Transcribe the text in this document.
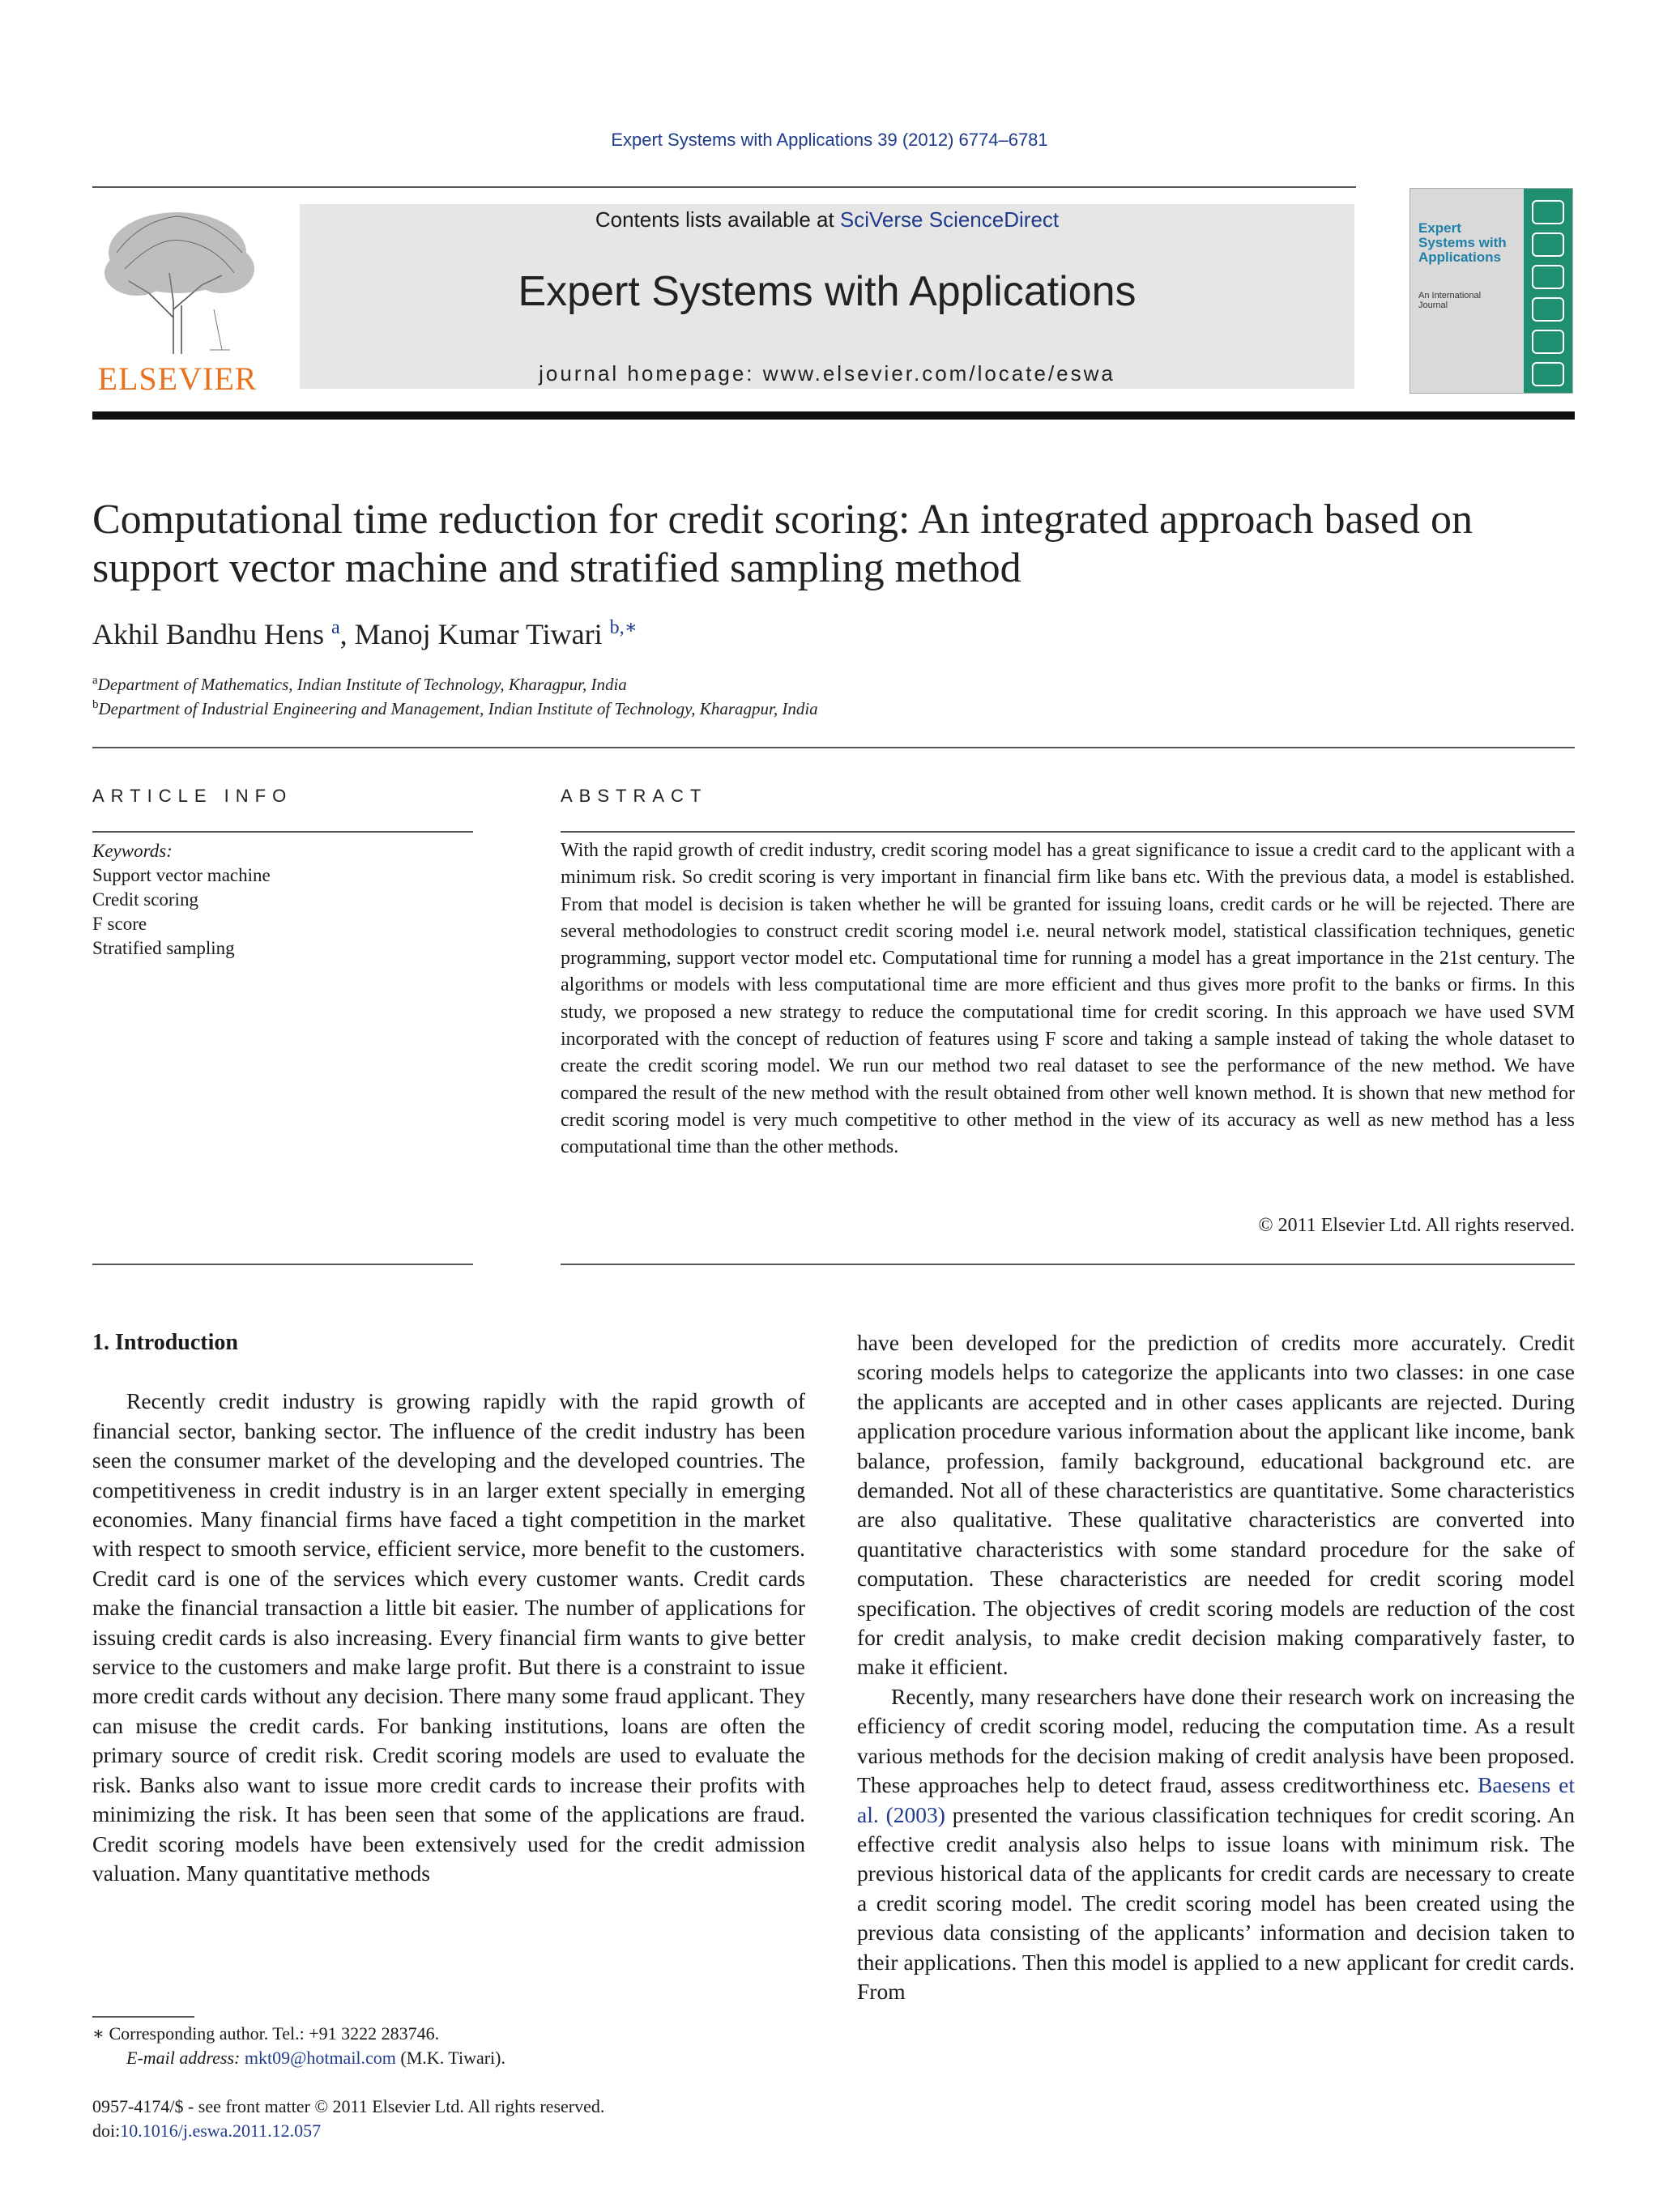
Expert Systems with Applications 39 (2012) 6774–6781
ELSEVIER
Contents lists available at SciVerse ScienceDirect
Expert Systems with Applications
journal homepage: www.elsevier.com/locate/eswa
Expert Systems with Applications
An International Journal
Computational time reduction for credit scoring: An integrated approach based on support vector machine and stratified sampling method
Akhil Bandhu Hens $^a$, Manoj Kumar Tiwari $^{b,∗}$
$^a$Department of Mathematics, Indian Institute of Technology, Kharagpur, India
$^b$Department of Industrial Engineering and Management, Indian Institute of Technology, Kharagpur, India
ARTICLE INFO
Keywords:
Support vector machine
Credit scoring
F score
Stratified sampling
ABSTRACT
With the rapid growth of credit industry, credit scoring model has a great significance to issue a credit card to the applicant with a minimum risk. So credit scoring is very important in financial firm like bans etc. With the previous data, a model is established. From that model is decision is taken whether he will be granted for issuing loans, credit cards or he will be rejected. There are several methodologies to construct credit scoring model i.e. neural network model, statistical classification techniques, genetic programming, support vector model etc. Computational time for running a model has a great importance in the 21st century. The algorithms or models with less computational time are more efficient and thus gives more profit to the banks or firms. In this study, we proposed a new strategy to reduce the computational time for credit scoring. In this approach we have used SVM incorporated with the concept of reduction of features using F score and taking a sample instead of taking the whole dataset to create the credit scoring model. We run our method two real dataset to see the performance of the new method. We have compared the result of the new method with the result obtained from other well known method. It is shown that new method for credit scoring model is very much competitive to other method in the view of its accuracy as well as new method has a less computational time than the other methods.
© 2011 Elsevier Ltd. All rights reserved.
1. Introduction

Recently credit industry is growing rapidly with the rapid growth of financial sector, banking sector. The influence of the credit industry has been seen the consumer market of the developing and the developed countries. The competitiveness in credit industry is in an larger extent specially in emerging economies. Many financial firms have faced a tight competition in the market with respect to smooth service, efficient service, more benefit to the customers. Credit card is one of the services which every customer wants. Credit cards make the financial transaction a little bit easier. The number of applications for issuing credit cards is also increasing. Every financial firm wants to give better service to the customers and make large profit. But there is a constraint to issue more credit cards without any decision. There many some fraud applicant. They can misuse the credit cards. For banking institutions, loans are often the primary source of credit risk. Credit scoring models are used to evaluate the risk. Banks also want to issue more credit cards to increase their profits with minimizing the risk. It has been seen that some of the applications are fraud. Credit scoring models have been extensively used for the credit admission valuation. Many quantitative methods

have been developed for the prediction of credits more accurately. Credit scoring models helps to categorize the applicants into two classes: in one case the applicants are accepted and in other cases applicants are rejected. During application procedure various information about the applicant like income, bank balance, profession, family background, educational background etc. are demanded. Not all of these characteristics are quantitative. Some characteristics are also qualitative. These qualitative characteristics are converted into quantitative characteristics with some standard procedure for the sake of computation. These characteristics are needed for credit scoring model specification. The objectives of credit scoring models are reduction of the cost for credit analysis, to make credit decision making comparatively faster, to make it efficient.

Recently, many researchers have done their research work on increasing the efficiency of credit scoring model, reducing the computation time. As a result various methods for the decision making of credit analysis have been proposed. These approaches help to detect fraud, assess creditworthiness etc. Baesens et al. (2003) presented the various classification techniques for credit scoring. An effective credit analysis also helps to issue loans with minimum risk. The previous historical data of the applicants for credit cards are necessary to create a credit scoring model. The credit scoring model has been created using the previous data consisting of the applicants’ information and decision taken to their applications. Then this model is applied to a new applicant for credit cards. From

∗ Corresponding author. Tel.: +91 3222 283746.
E-mail address: mkt09@hotmail.com (M.K. Tiwari).
0957-4174/$ - see front matter © 2011 Elsevier Ltd. All rights reserved.
doi:10.1016/j.eswa.2011.12.057
